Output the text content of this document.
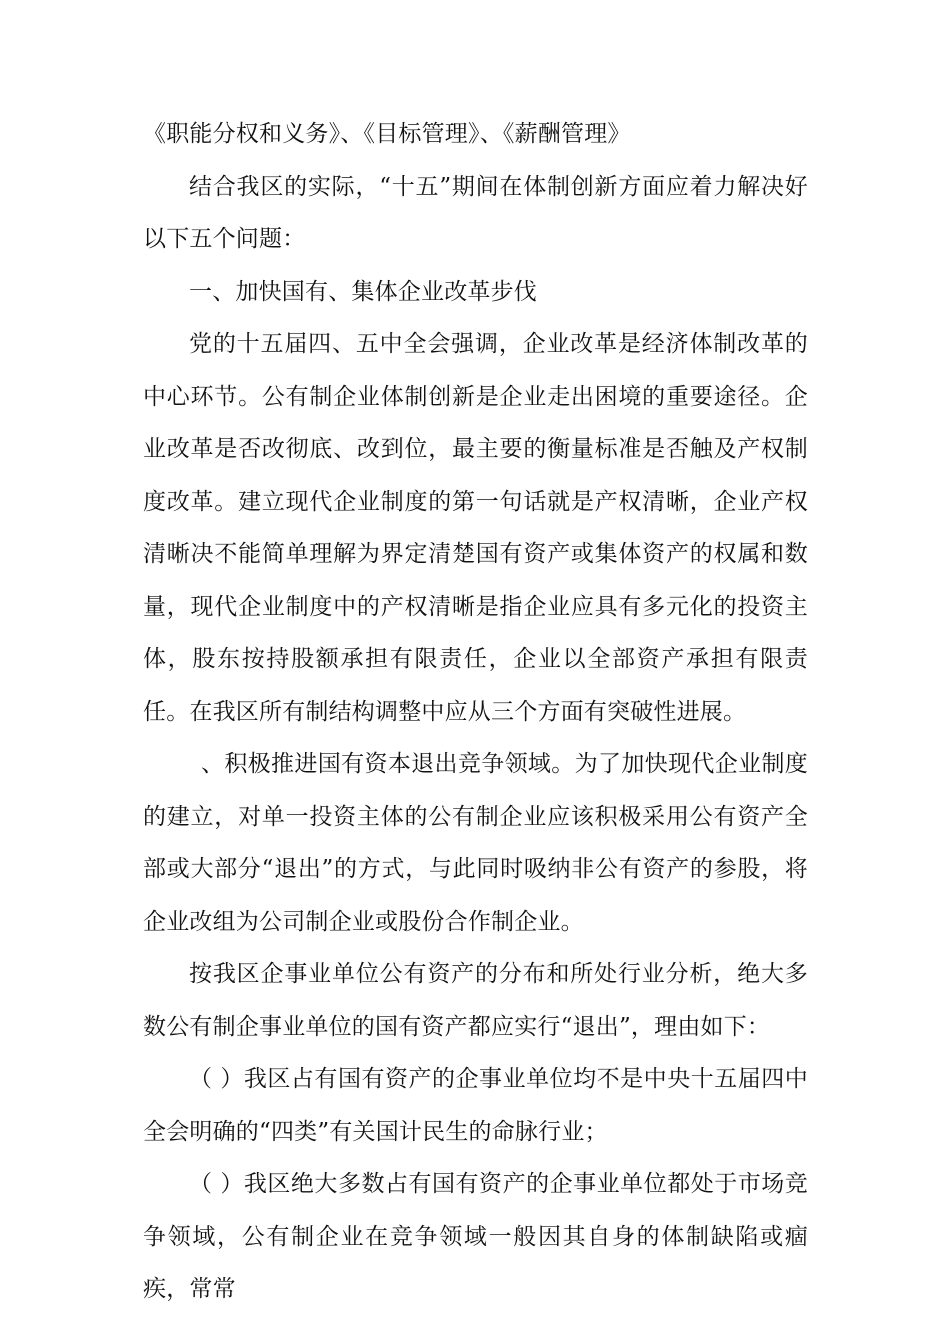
《职能分权和义务》、《目标管理》、《薪酬管理》

结合我区的实际，“十五”期间在体制创新方面应着力解决好以下五个问题：

一、加快国有、集体企业改革步伐

党的十五届四、五中全会强调，企业改革是经济体制改革的中心环节。公有制企业体制创新是企业走出困境的重要途径。企业改革是否改彻底、改到位，最主要的衡量标准是否触及产权制度改革。建立现代企业制度的第一句话就是产权清晰，企业产权清晰决不能简单理解为界定清楚国有资产或集体资产的权属和数量，现代企业制度中的产权清晰是指企业应具有多元化的投资主体，股东按持股额承担有限责任，企业以全部资产承担有限责任。在我区所有制结构调整中应从三个方面有突破性进展。

、积极推进国有资本退出竞争领域。为了加快现代企业制度的建立，对单一投资主体的公有制企业应该积极采用公有资产全部或大部分“退出”的方式，与此同时吸纳非公有资产的参股，将企业改组为公司制企业或股份合作制企业。

按我区企事业单位公有资产的分布和所处行业分析，绝大多数公有制企事业单位的国有资产都应实行“退出”，理由如下：

（ ）我区占有国有资产的企事业单位均不是中央十五届四中全会明确的“四类”有关国计民生的命脉行业；

（ ）我区绝大多数占有国有资产的企事业单位都处于市场竞争领域，公有制企业在竞争领域一般因其自身的体制缺陷或痼疾，常常
